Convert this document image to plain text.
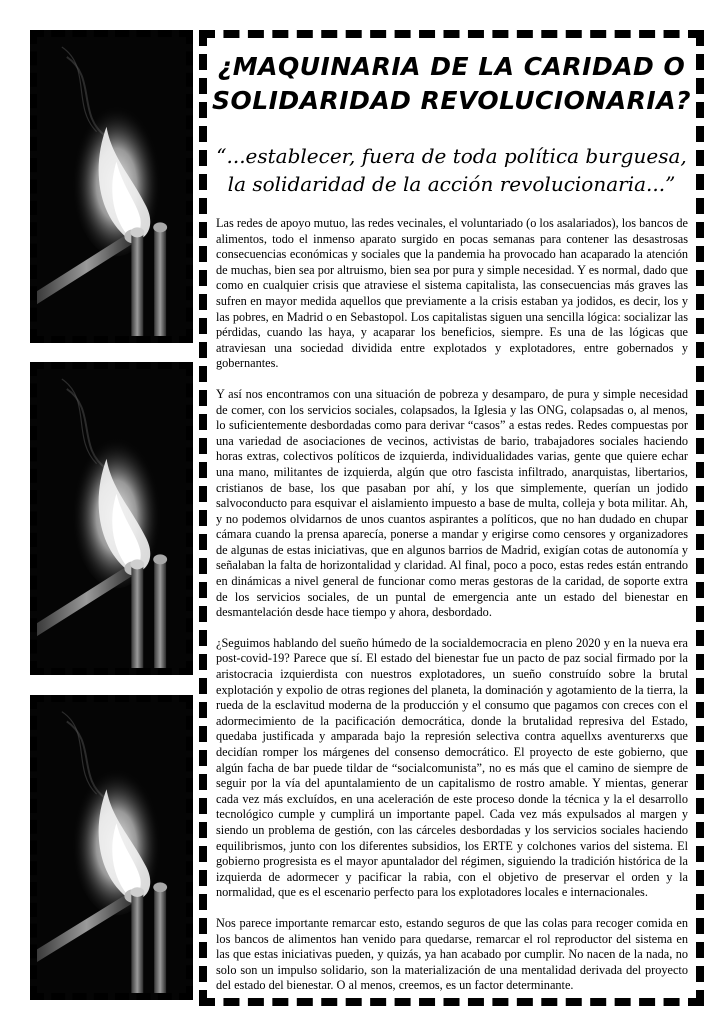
¿MAQUINARIA DE LA CARIDAD O
SOLIDARIDAD REVOLUCIONARIA?
“...establecer, fuera de toda política burguesa,
la solidaridad de la acción revolucionaria...”

Las redes de apoyo mutuo, las redes vecinales, el voluntariado (o los asalariados), los bancos de alimentos, todo el inmenso aparato surgido en pocas semanas para contener las desastrosas consecuencias económicas y sociales que la pandemia ha provocado han acaparado la atención de muchas, bien sea por altruismo, bien sea por pura y simple necesidad. Y es normal, dado que como en cualquier crisis que atraviese el sistema capitalista, las consecuencias más graves las sufren en mayor medida aquellos que previamente a la crisis estaban ya jodidos, es decir, los y las pobres, en Madrid o en Sebastopol. Los capitalistas siguen una sencilla lógica: socializar las pérdidas, cuando las haya, y acaparar los beneficios, siempre. Es una de las lógicas que atraviesan una sociedad dividida entre explotados y explotadores, entre gobernados y gobernantes.

Y así nos encontramos con una situación de pobreza y desamparo, de pura y simple necesidad de comer, con los servicios sociales, colapsados, la Iglesia y las ONG, colapsadas o, al menos, lo suficientemente desbordadas como para derivar “casos” a estas redes. Redes compuestas por una variedad de asociaciones de vecinos, activistas de bario, trabajadores sociales haciendo horas extras, colectivos políticos de izquierda, individualidades varias, gente que quiere echar una mano, militantes de izquierda, algún que otro fascista infiltrado, anarquistas, libertarios, cristianos de base, los que pasaban por ahí, y los que simplemente, querían un jodido salvoconducto para esquivar el aislamiento impuesto a base de multa, colleja y bota militar. Ah, y no podemos olvidarnos de unos cuantos aspirantes a políticos, que no han dudado en chupar cámara cuando la prensa aparecía, ponerse a mandar y erigirse como censores y organizadores de algunas de estas iniciativas, que en algunos barrios de Madrid, exigían cotas de autonomía y señalaban la falta de horizontalidad y claridad. Al final, poco a poco, estas redes están entrando en dinámicas a nivel general de funcionar como meras gestoras de la caridad, de soporte extra de los servicios sociales, de un puntal de emergencia ante un estado del bienestar en desmantelación desde hace tiempo y ahora, desbordado.

¿Seguimos hablando del sueño húmedo de la socialdemocracia en pleno 2020 y en la nueva era post-covid-19? Parece que sí. El estado del bienestar fue un pacto de paz social firmado por la aristocracia izquierdista con nuestros explotadores, un sueño construído sobre la brutal explotación y expolio de otras regiones del planeta, la dominación y agotamiento de la tierra, la rueda de la esclavitud moderna de la producción y el consumo que pagamos con creces con el adormecimiento de la pacificación democrática, donde la brutalidad represiva del Estado, quedaba justificada y amparada bajo la represión selectiva contra aquellxs aventurerxs que decidían romper los márgenes del consenso democrático. El proyecto de este gobierno, que algún facha de bar puede tildar de “socialcomunista”, no es más que el camino de siempre de seguir por la vía del apuntalamiento de un capitalismo de rostro amable. Y mientas, generar cada vez más excluídos, en una aceleración de este proceso donde la técnica y la el desarrollo tecnológico cumple y cumplirá un importante papel. Cada vez más expulsados al margen y siendo un problema de gestión, con las cárceles desbordadas y los servicios sociales haciendo equilibrismos, junto con los diferentes subsidios, los ERTE y colchones varios del sistema. El gobierno progresista es el mayor apuntalador del régimen, siguiendo la tradición histórica de la izquierda de adormecer y pacificar la rabia, con el objetivo de preservar el orden y la normalidad, que es el escenario perfecto para los explotadores locales e internacionales.

Nos parece importante remarcar esto, estando seguros de que las colas para recoger comida en los bancos de alimentos han venido para quedarse, remarcar el rol reproductor del sistema en las que estas iniciativas pueden, y quizás, ya han acabado por cumplir. No nacen de la nada, no solo son un impulso solidario, son la materialización de una mentalidad derivada del proyecto del estado del bienestar. O al menos, creemos, es un factor determinante.
